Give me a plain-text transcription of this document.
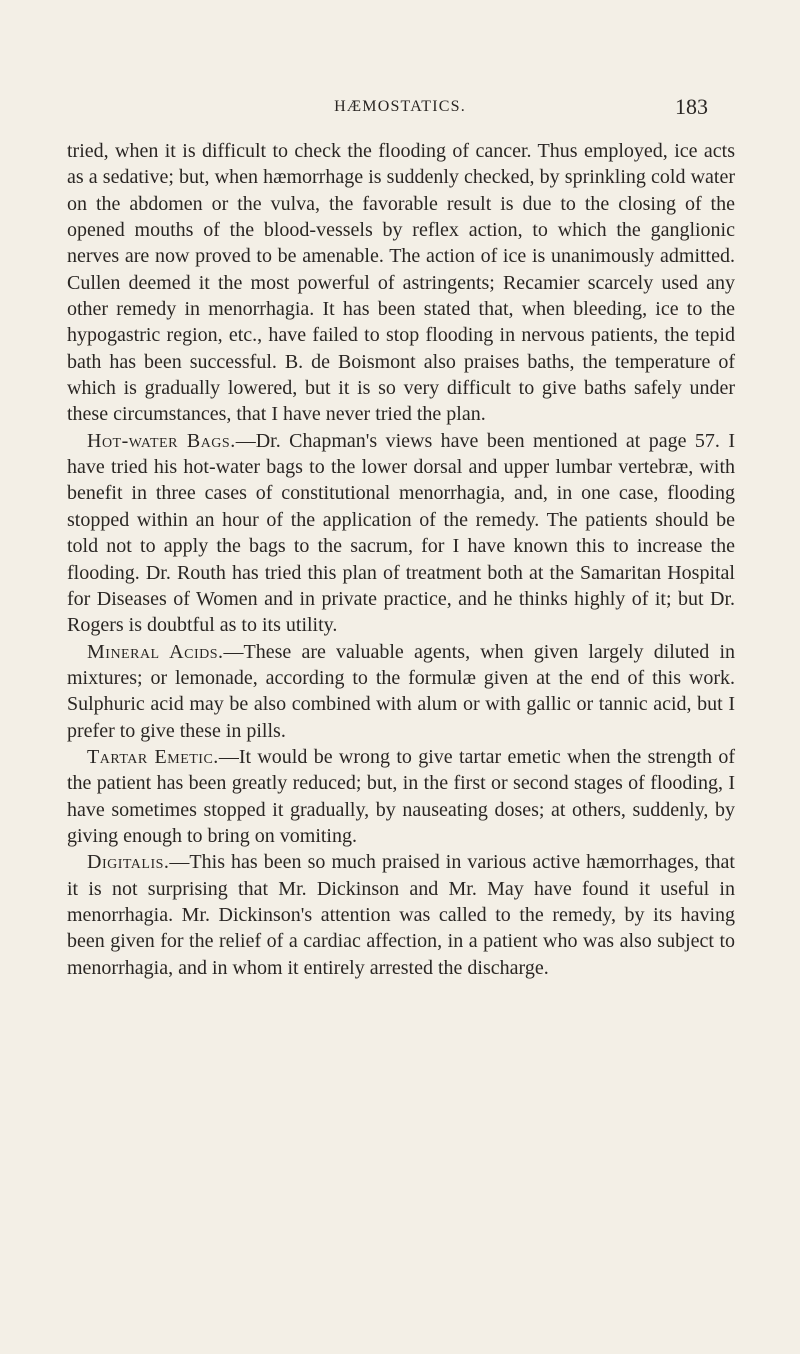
HÆMOSTATICS.	183

tried, when it is difficult to check the flooding of cancer. Thus employed, ice acts as a sedative; but, when hæmorrhage is suddenly checked, by sprinkling cold water on the abdomen or the vulva, the favorable result is due to the closing of the opened mouths of the blood-vessels by reflex action, to which the ganglionic nerves are now proved to be amenable. The action of ice is unanimously admitted. Cullen deemed it the most powerful of astringents; Recamier scarcely used any other remedy in menorrhagia. It has been stated that, when bleeding, ice to the hypogastric region, etc., have failed to stop flooding in nervous patients, the tepid bath has been successful. B. de Boismont also praises baths, the temperature of which is gradually lowered, but it is so very difficult to give baths safely under these circumstances, that I have never tried the plan.

Hot-water Bags.—Dr. Chapman's views have been mentioned at page 57. I have tried his hot-water bags to the lower dorsal and upper lumbar vertebræ, with benefit in three cases of constitutional menorrhagia, and, in one case, flooding stopped within an hour of the application of the remedy. The patients should be told not to apply the bags to the sacrum, for I have known this to increase the flooding. Dr. Routh has tried this plan of treatment both at the Samaritan Hospital for Diseases of Women and in private practice, and he thinks highly of it; but Dr. Rogers is doubtful as to its utility.

Mineral Acids.—These are valuable agents, when given largely diluted in mixtures; or lemonade, according to the formulæ given at the end of this work. Sulphuric acid may be also combined with alum or with gallic or tannic acid, but I prefer to give these in pills.

Tartar Emetic.—It would be wrong to give tartar emetic when the strength of the patient has been greatly reduced; but, in the first or second stages of flooding, I have sometimes stopped it gradually, by nauseating doses; at others, suddenly, by giving enough to bring on vomiting.

Digitalis.—This has been so much praised in various active hæmorrhages, that it is not surprising that Mr. Dickinson and Mr. May have found it useful in menorrhagia. Mr. Dickinson's attention was called to the remedy, by its having been given for the relief of a cardiac affection, in a patient who was also subject to menorrhagia, and in whom it entirely arrested the discharge.
